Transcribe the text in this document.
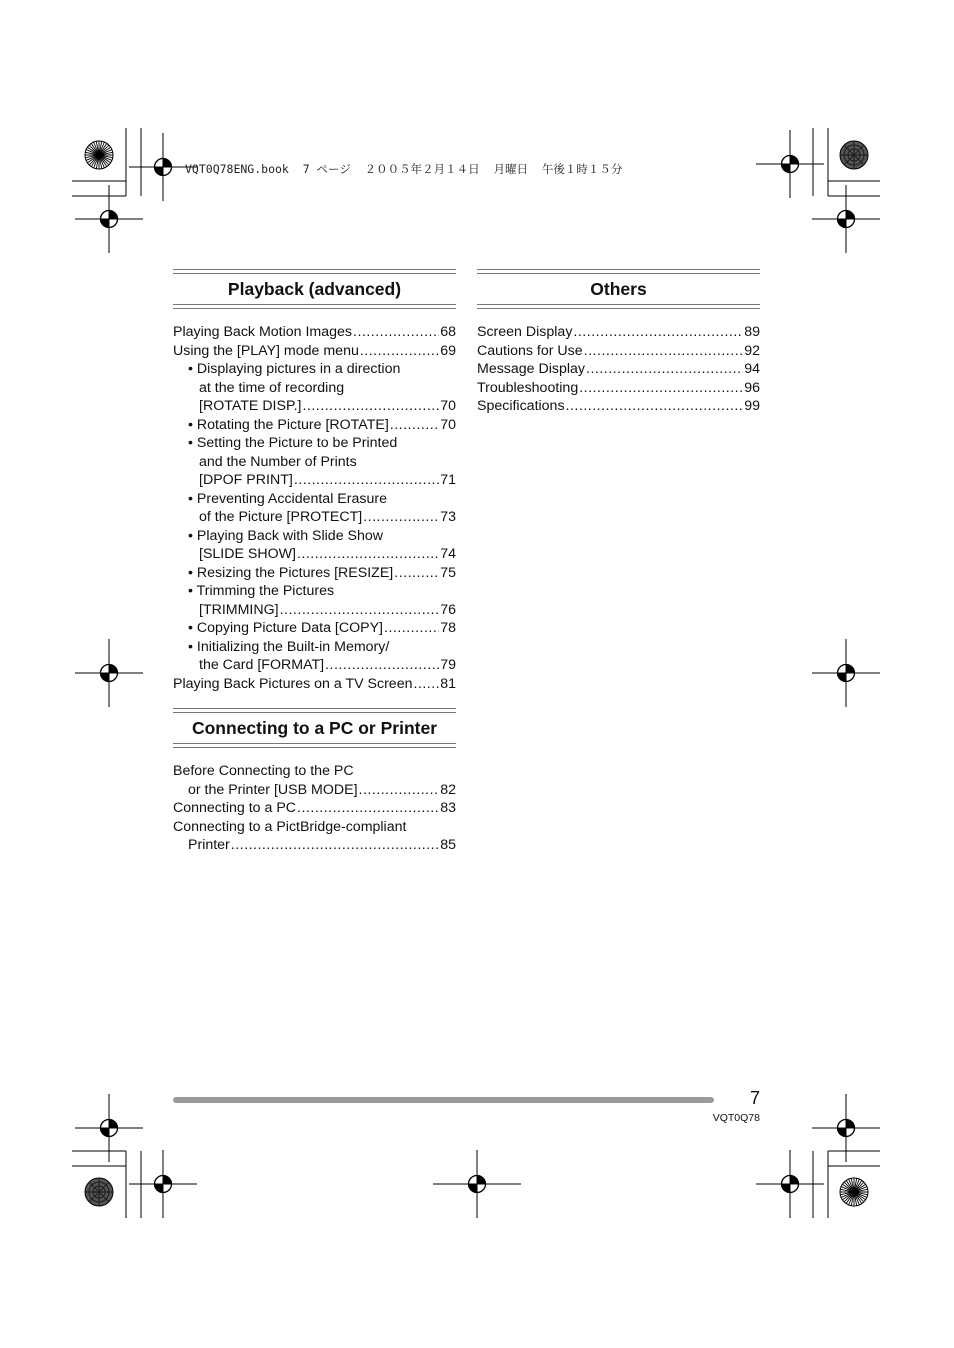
VQT0Q78ENG.book  7 ページ  ２００５年２月１４日  月曜日  午後１時１５分
Playback (advanced)
Playing Back Motion Images .....	68
Using the [PLAY] mode menu .....	69
• Displaying pictures in a direction
at the time of recording
[ROTATE DISP.] .....	70
• Rotating the Picture [ROTATE] .....	70
• Setting the Picture to be Printed
and the Number of Prints
[DPOF PRINT] .....	71
• Preventing Accidental Erasure
of the Picture [PROTECT] .....	73
• Playing Back with Slide Show
[SLIDE SHOW] .....	74
• Resizing the Pictures [RESIZE] .....	75
• Trimming the Pictures
[TRIMMING] .....	76
• Copying Picture Data [COPY] .....	78
• Initializing the Built-in Memory/
the Card [FORMAT] .....	79
Playing Back Pictures on a TV Screen ..... 81
Connecting to a PC or Printer
Before Connecting to the PC
or the Printer [USB MODE] .....	82
Connecting to a PC .....	83
Connecting to a PictBridge-compliant
Printer .....	85
Others
Screen Display .....	89
Cautions for Use .....	92
Message Display .....	94
Troubleshooting .....	96
Specifications .....	99
7
VQT0Q78
